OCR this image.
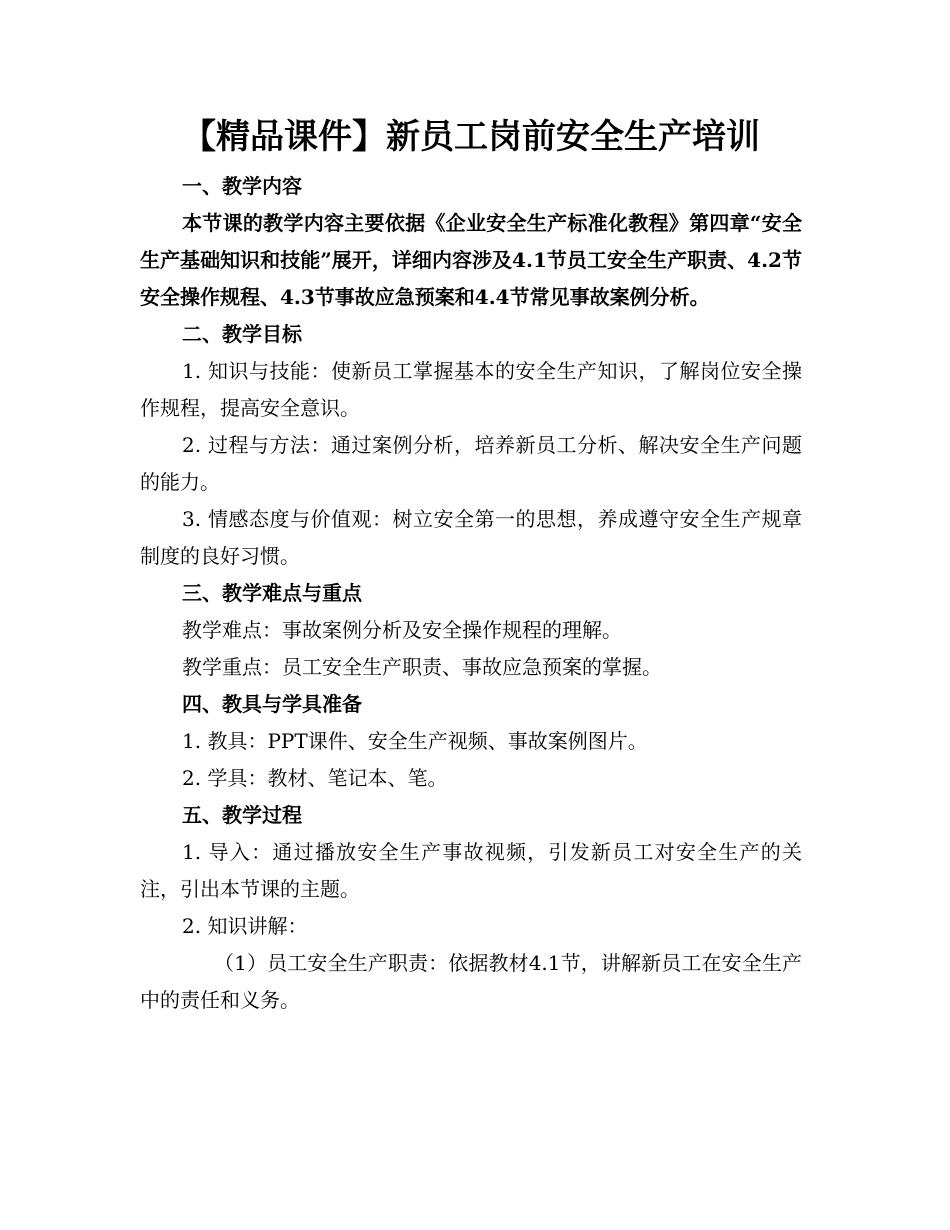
【精品课件】新员工岗前安全生产培训

一、教学内容

本节课的教学内容主要依据《企业安全生产标准化教程》第四章“安全生产基础知识和技能”展开，详细内容涉及4.1节员工安全生产职责、4.2节安全操作规程、4.3节事故应急预案和4.4节常见事故案例分析。

二、教学目标

1. 知识与技能：使新员工掌握基本的安全生产知识，了解岗位安全操作规程，提高安全意识。

2. 过程与方法：通过案例分析，培养新员工分析、解决安全生产问题的能力。

3. 情感态度与价值观：树立安全第一的思想，养成遵守安全生产规章制度的良好习惯。

三、教学难点与重点

教学难点：事故案例分析及安全操作规程的理解。

教学重点：员工安全生产职责、事故应急预案的掌握。

四、教具与学具准备

1. 教具：PPT课件、安全生产视频、事故案例图片。

2. 学具：教材、笔记本、笔。

五、教学过程

1. 导入：通过播放安全生产事故视频，引发新员工对安全生产的关注，引出本节课的主题。

2. 知识讲解：

（1）员工安全生产职责：依据教材4.1节，讲解新员工在安全生产中的责任和义务。
